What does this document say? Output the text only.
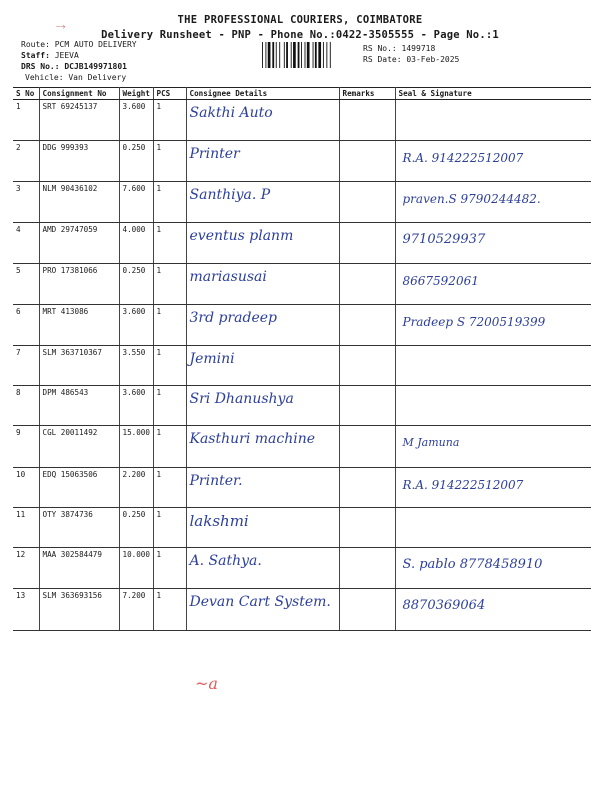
⤍
THE PROFESSIONAL COURIERS, COIMBATORE
Delivery Runsheet - PNP - Phone No.:0422-3505555 - Page No.:1
Route: PCM AUTO DELIVERY
Staff: JEEVA
DRS No.: DCJB149971801
Vehicle: Van Delivery
RS No.: 1499718
RS Date: 03-Feb-2025
S No	Consignment No	Weight	PCS	Consignee Details	Remarks	Seal & Signature
1	SRT 69245137	3.600	1	Sakthi Auto		

2	DDG 999393	0.250	1	Printer		R.A. 914222512007

3	NLM 90436102	7.600	1	Santhiya. P		praven.S 9790244482.

4	AMD 29747059	4.000	1	eventus planm		9710529937

5	PRO 17381066	0.250	1	mariasusai		8667592061

6	MRT 413086	3.600	1	3rd pradeep		Pradeep S 7200519399

7	SLM 363710367	3.550	1	Jemini		

8	DPM 486543	3.600	1	Sri Dhanushya		

9	CGL 20011492	15.000	1	Kasthuri machine		M Jamuna

10	EDQ 15063506	2.200	1	Printer.		R.A. 914222512007

11	OTY 3874736	0.250	1	lakshmi		

12	MAA 302584479	10.000	1	A. Sathya.		S. pablo 8778458910

13	SLM 363693156	7.200	1	Devan Cart System.		8870369064
~a
